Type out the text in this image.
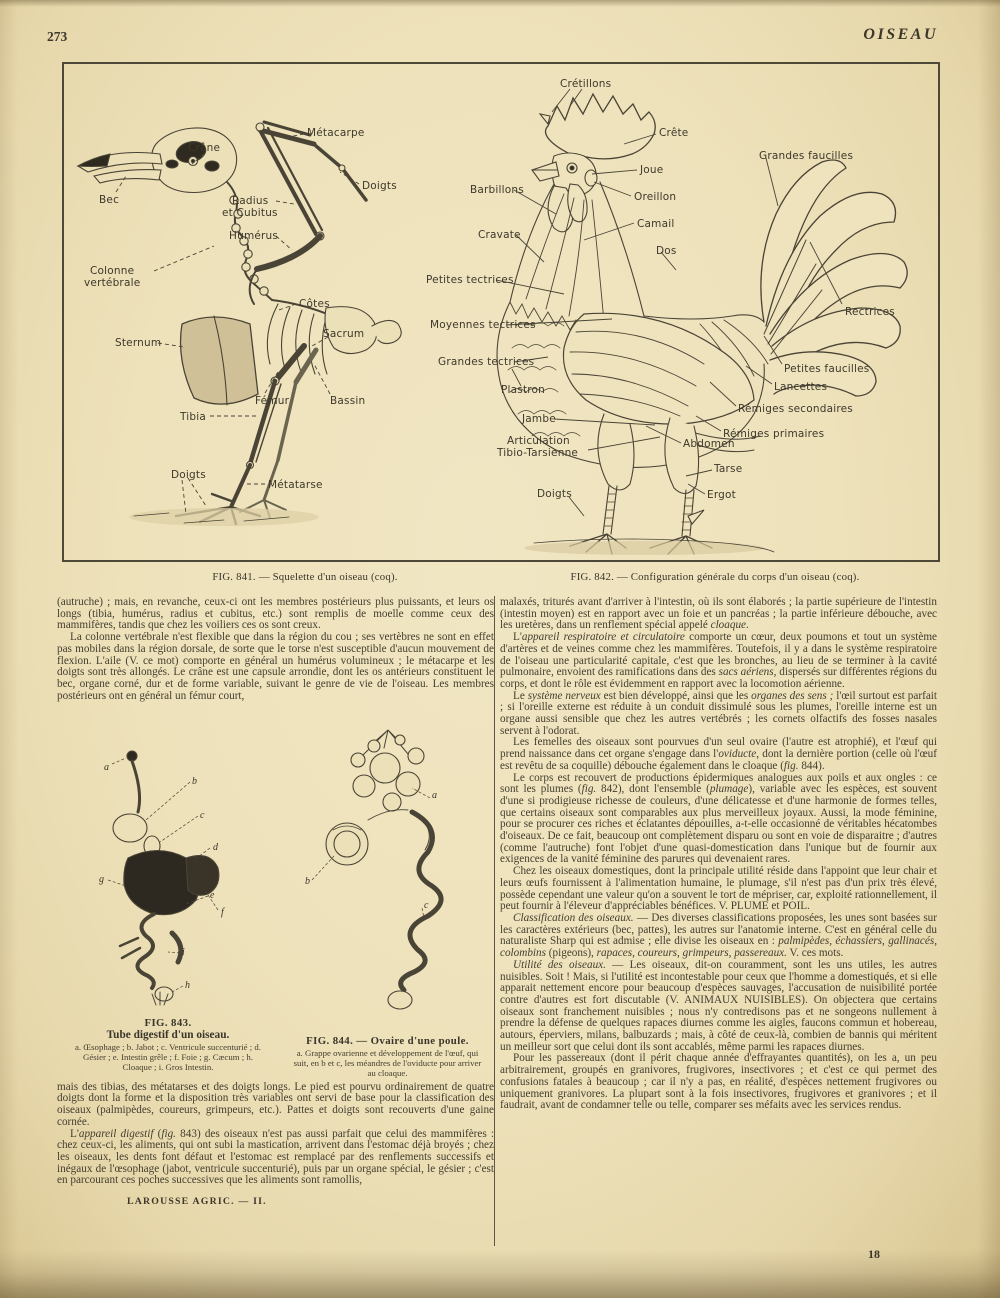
273	OISEAU
Crâne
Métacarpe
Doigts
Bec	Radius
et Cubitus
Humérus
Colonne
vertébrale
Côtes
Sternum
Sacrum
Fémur	Bassin
Tibia
Doigts
Métatarse
Crétillons
Crête
Grandes faucilles
Joue
Barbillons
Oreillon
Camail
Cravate
Dos
Petites tectrices
Moyennes tectrices
Rectrices
Grandes tectrices
Petites faucilles
Plastron	Lancettes
Rémiges secondaires
Jambe
Rémiges primaires
Articulation
Tibio-Tarsienne
Abdomen
Tarse
Doigts	Ergot
FIG. 841. — Squelette d'un oiseau (coq).	FIG. 842. — Configuration générale du corps d'un oiseau (coq).

(autruche) ; mais, en revanche, ceux-ci ont les membres postérieurs plus puissants, et leurs os longs (tibia, humérus, radius et cubitus, etc.) sont remplis de moelle comme ceux des mammifères, tandis que chez les voiliers ces os sont creux.

La colonne vertébrale n'est flexible que dans la région du cou ; ses vertèbres ne sont en effet pas mobiles dans la région dorsale, de sorte que le torse n'est susceptible d'aucun mouvement de flexion. L'aile (V. ce mot) comporte en général un humérus volumineux ; le métacarpe et les doigts sont très allongés. Le crâne est une capsule arrondie, dont les os antérieurs constituent le bec, organe corné, dur et de forme variable, suivant le genre de vie de l'oiseau. Les membres postérieurs ont en général un fémur court,

a
b
c
d
e
f
g
h
i
FIG. 843.
Tube digestif d'un oiseau.
a. Œsophage ; b. Jabot ; c. Ventricule succenturié ; d. Gésier ; e. Intestin grêle ; f. Foie ; g. Cæcum ; h. Cloaque ; i. Gros Intestin.
a
b
c
FIG. 844. — Ovaire d'une poule.
a. Grappe ovarienne et développement de l'œuf, qui suit, en b et c, les méandres de l'oviducte pour arriver au cloaque.

mais des tibias, des métatarses et des doigts longs. Le pied est pourvu ordinairement de quatre doigts dont la forme et la disposition très variables ont servi de base pour la classification des oiseaux (palmipèdes, coureurs, grimpeurs, etc.). Pattes et doigts sont recouverts d'une gaine cornée.

L'appareil digestif (fig. 843) des oiseaux n'est pas aussi parfait que celui des mammifères : chez ceux-ci, les aliments, qui ont subi la mastication, arrivent dans l'estomac déjà broyés ; chez les oiseaux, les dents font défaut et l'estomac est remplacé par des renflements successifs et inégaux de l'œsophage (jabot, ventricule succenturié), puis par un organe spécial, le gésier ; c'est en parcourant ces poches successives que les aliments sont ramollis,

LAROUSSE AGRIC. — II.

malaxés, triturés avant d'arriver à l'intestin, où ils sont élaborés ; la partie supérieure de l'intestin (intestin moyen) est en rapport avec un foie et un pancréas ; la partie inférieure débouche, avec les uretères, dans un renflement spécial appelé cloaque.

L'appareil respiratoire et circulatoire comporte un cœur, deux poumons et tout un système d'artères et de veines comme chez les mammifères. Toutefois, il y a dans le système respiratoire de l'oiseau une particularité capitale, c'est que les bronches, au lieu de se terminer à la cavité pulmonaire, envoient des ramifications dans des sacs aériens, dispersés sur différentes régions du corps, et dont le rôle est évidemment en rapport avec la locomotion aérienne.

Le système nerveux est bien développé, ainsi que les organes des sens ; l'œil surtout est parfait ; si l'oreille externe est réduite à un conduit dissimulé sous les plumes, l'oreille interne est un organe aussi sensible que chez les autres vertébrés ; les cornets olfactifs des fosses nasales servent à l'odorat.

Les femelles des oiseaux sont pourvues d'un seul ovaire (l'autre est atrophié), et l'œuf qui prend naissance dans cet organe s'engage dans l'oviducte, dont la dernière portion (celle où l'œuf est revêtu de sa coquille) débouche également dans le cloaque (fig. 844).

Le corps est recouvert de productions épidermiques analogues aux poils et aux ongles : ce sont les plumes (fig. 842), dont l'ensemble (plumage), variable avec les espèces, est souvent d'une si prodigieuse richesse de couleurs, d'une délicatesse et d'une harmonie de formes telles, que certains oiseaux sont comparables aux plus merveilleux joyaux. Aussi, la mode féminine, pour se procurer ces riches et éclatantes dépouilles, a-t-elle occasionné de véritables hécatombes d'oiseaux. De ce fait, beaucoup ont complètement disparu ou sont en voie de disparaitre ; d'autres (comme l'autruche) font l'objet d'une quasi-domestication dans l'unique but de fournir aux exigences de la vanité féminine des parures qui devenaient rares.

Chez les oiseaux domestiques, dont la principale utilité réside dans l'appoint que leur chair et leurs œufs fournissent à l'alimentation humaine, le plumage, s'il n'est pas d'un prix très élevé, possède cependant une valeur qu'on a souvent le tort de mépriser, car, exploité rationnellement, il peut fournir à l'éleveur d'appréciables bénéfices. V. PLUME et POIL.

Classification des oiseaux. — Des diverses classifications proposées, les unes sont basées sur les caractères extérieurs (bec, pattes), les autres sur l'anatomie interne. C'est en général celle du naturaliste Sharp qui est admise ; elle divise les oiseaux en : palmipèdes, échassiers, gallinacés, colombins (pigeons), rapaces, coureurs, grimpeurs, passereaux. V. ces mots.

Utilité des oiseaux. — Les oiseaux, dit-on couramment, sont les uns utiles, les autres nuisibles. Soit ! Mais, si l'utilité est incontestable pour ceux que l'homme a domestiqués, et si elle apparait nettement encore pour beaucoup d'espèces sauvages, l'accusation de nuisibilité portée contre d'autres est fort discutable (V. ANIMAUX NUISIBLES). On objectera que certains oiseaux sont franchement nuisibles ; nous n'y contredisons pas et ne songeons nullement à prendre la défense de quelques rapaces diurnes comme les aigles, faucons commun et hobereau, autours, éperviers, milans, balbuzards ; mais, à côté de ceux-là, combien de bannis qui méritent un meilleur sort que celui dont ils sont accablés, même parmi les rapaces diurnes.

Pour les passereaux (dont il périt chaque année d'effrayantes quantités), on les a, un peu arbitrairement, groupés en granivores, frugivores, insectivores ; et c'est ce qui permet des confusions fatales à beaucoup ; car il n'y a pas, en réalité, d'espèces nettement frugivores ou uniquement granivores. La plupart sont à la fois insectivores, frugivores et granivores ; et il faudrait, avant de condamner telle ou telle, comparer ses méfaits avec les services rendus.

18
